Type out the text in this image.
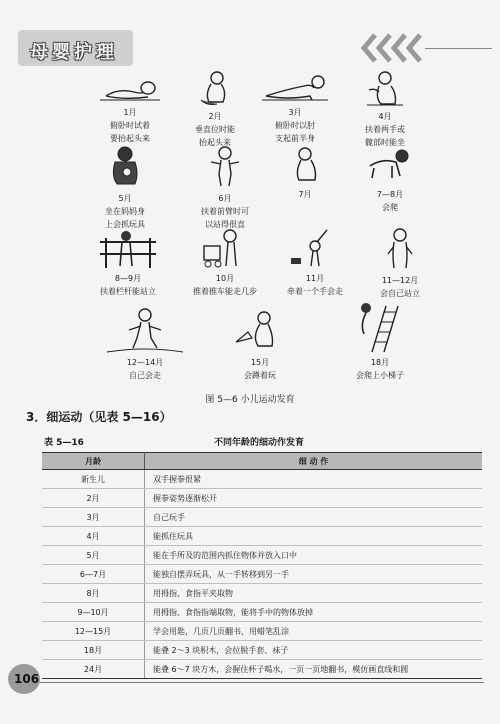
母婴护理
1月
俯卧时试着
要抬起头来
2月
垂直位时能
抬起头来
3月
俯卧时以肘
支起前半身
4月
扶着两手或
髋部时能坐
5月
坐在妈妈身
上会抓玩具
6月
扶着前臂时可
以站得很直
7月	7—8月
会爬
8—9月
扶着栏杆能站立
10月
推着推车能走几步
11月
牵着一个手会走
11—12月
会自己站立
12—14月
自己会走
15月
会蹲着玩
18月
会爬上小梯子
图 5—6 小儿运动发育
3．细运动（见表 5—16）
表 5—16	不同年龄的细动作发育
月龄	细 动 作
新生儿	双手握拳很紧
2月	握拳姿势逐渐松开
3月	自己玩手
4月	能抓住玩具
5月	能在手所及的范围内抓住物体并放入口中
6—7月	能独自摆弄玩具，从一手转移到另一手
8月	用拇指、食指平夹取物
9—10月	用拇指、食指指端取物，能将手中的物体放掉
12—15月	学会用匙，几页几页翻书，用蜡笔乱涂
18月	能叠 2～3 块积木，会拉脱手套、袜子
24月	能叠 6～7 块方木，会握住杯子喝水，一页一页地翻书，模仿画直线和圆
106
